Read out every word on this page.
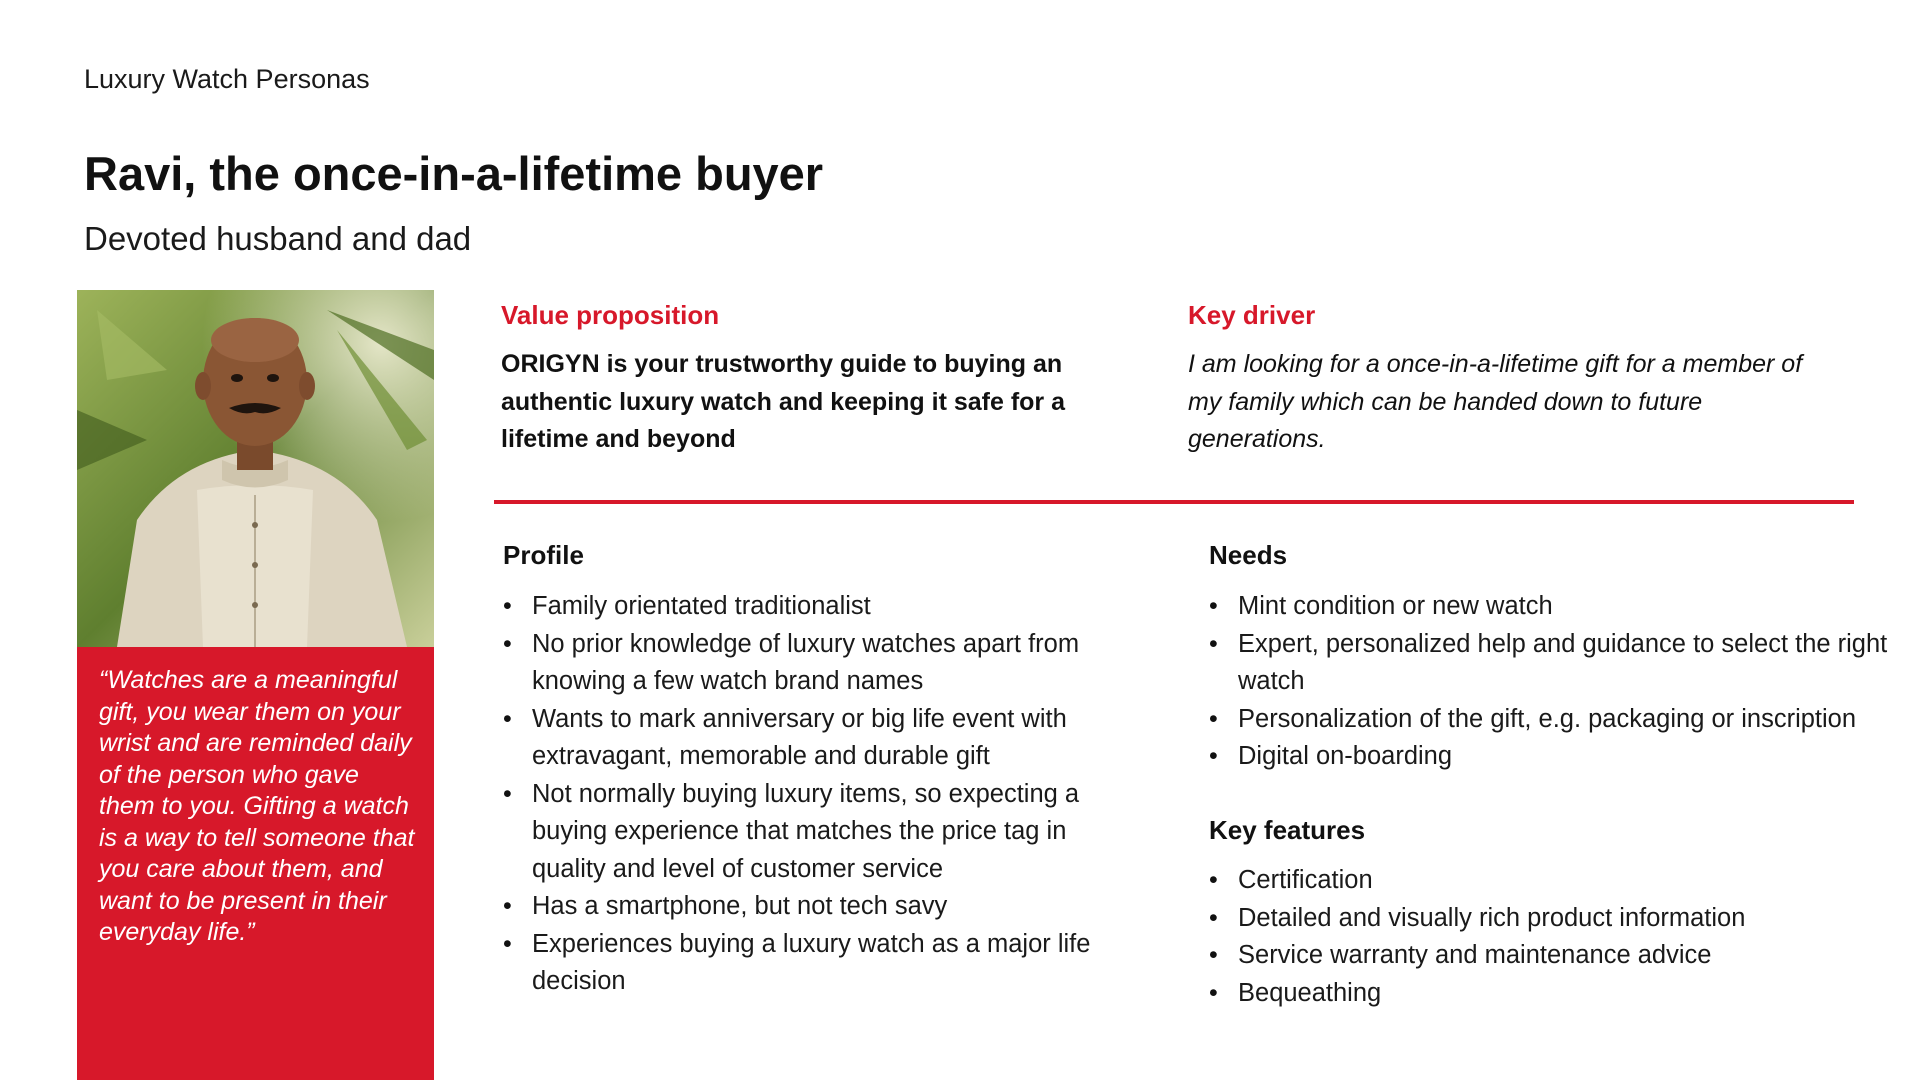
Luxury Watch Personas
Ravi, the once-in-a-lifetime buyer
Devoted husband and dad
“Watches are a meaningful gift, you wear them on your wrist and are reminded daily of the person who gave them to you. Gifting a watch is a way to tell someone that you care about them, and want to be present in their everyday life.”
Value proposition
ORIGYN is your trustworthy guide to buying an authentic luxury watch and keeping it safe for a lifetime and beyond
Key driver
I am looking for a once-in-a-lifetime gift for a member of my family which can be handed down to future generations.
Profile
• Family orientated traditionalist
• No prior knowledge of luxury watches apart from knowing a few watch brand names
• Wants to mark anniversary or big life event with extravagant, memorable and durable gift
• Not normally buying luxury items, so expecting a buying experience that matches the price tag in quality and level of customer service
• Has a smartphone, but not tech savy
• Experiences buying a luxury watch as a major life decision
Needs
• Mint condition or new watch
• Expert, personalized help and guidance to select the right watch
• Personalization of the gift, e.g. packaging or inscription
• Digital on-boarding
Key features
• Certification
• Detailed and visually rich product information
• Service warranty and maintenance advice
• Bequeathing
